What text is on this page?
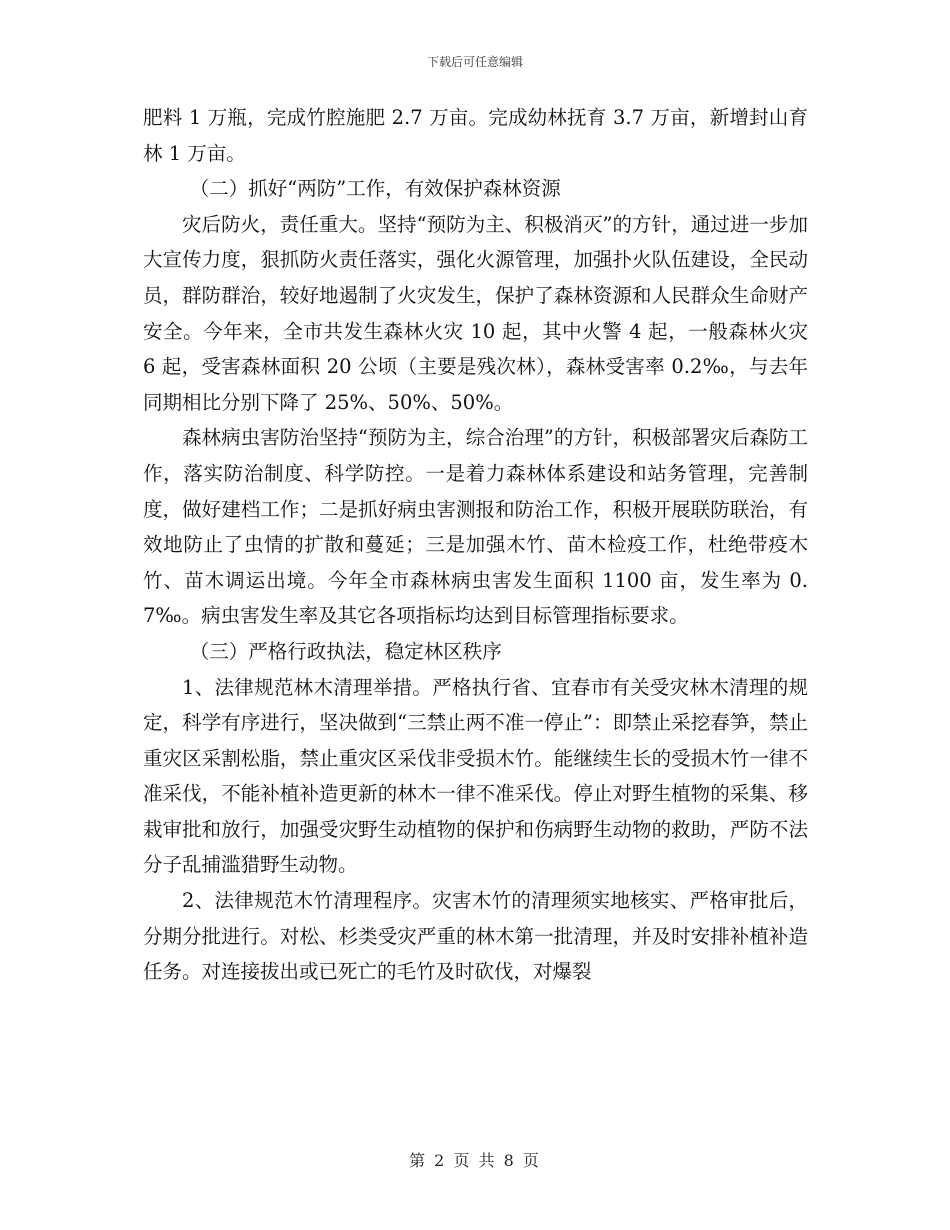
下载后可任意编辑

肥料 1 万瓶，完成竹腔施肥 2.7 万亩。完成幼林抚育 3.7 万亩，新增封山育林 1 万亩。

（二）抓好“两防”工作，有效保护森林资源

灾后防火，责任重大。坚持“预防为主、积极消灭”的方针，通过进一步加大宣传力度，狠抓防火责任落实，强化火源管理，加强扑火队伍建设，全民动员，群防群治，较好地遏制了火灾发生，保护了森林资源和人民群众生命财产安全。今年来，全市共发生森林火灾 10 起，其中火警 4 起，一般森林火灾 6 起，受害森林面积 20 公顷（主要是残次林），森林受害率 0.2‰，与去年同期相比分别下降了 25%、50%、50%。

森林病虫害防治坚持“预防为主，综合治理”的方针，积极部署灾后森防工作，落实防治制度、科学防控。一是着力森林体系建设和站务管理，完善制度，做好建档工作；二是抓好病虫害测报和防治工作，积极开展联防联治，有效地防止了虫情的扩散和蔓延；三是加强木竹、苗木检疫工作，杜绝带疫木竹、苗木调运出境。今年全市森林病虫害发生面积 1100 亩，发生率为 0.7‰。病虫害发生率及其它各项指标均达到目标管理指标要求。

（三）严格行政执法，稳定林区秩序

1、法律规范林木清理举措。严格执行省、宜春市有关受灾林木清理的规定，科学有序进行，坚决做到“三禁止两不准一停止”：即禁止采挖春笋，禁止重灾区采割松脂，禁止重灾区采伐非受损木竹。能继续生长的受损木竹一律不准采伐，不能补植补造更新的林木一律不准采伐。停止对野生植物的采集、移栽审批和放行，加强受灾野生动植物的保护和伤病野生动物的救助，严防不法分子乱捕滥猎野生动物。

2、法律规范木竹清理程序。灾害木竹的清理须实地核实、严格审批后，分期分批进行。对松、杉类受灾严重的林木第一批清理，并及时安排补植补造任务。对连接拔出或已死亡的毛竹及时砍伐，对爆裂

第 2 页 共 8 页
